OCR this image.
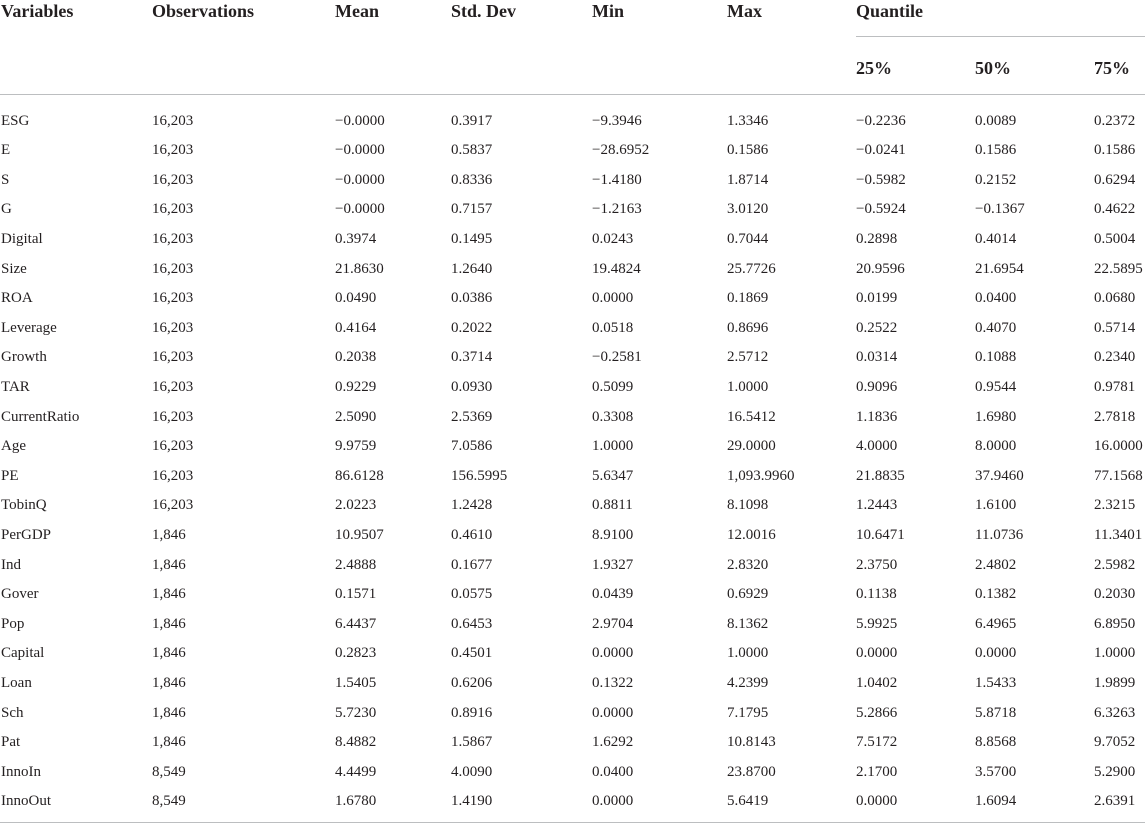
Variables	Observations	Mean	Std. Dev	Min	Max	Quantile		
						25%	50%	75%
ESG	16,203	−0.0000	0.3917	−9.3946	1.3346	−0.2236	0.0089	0.2372
E	16,203	−0.0000	0.5837	−28.6952	0.1586	−0.0241	0.1586	0.1586
S	16,203	−0.0000	0.8336	−1.4180	1.8714	−0.5982	0.2152	0.6294
G	16,203	−0.0000	0.7157	−1.2163	3.0120	−0.5924	−0.1367	0.4622
Digital	16,203	0.3974	0.1495	0.0243	0.7044	0.2898	0.4014	0.5004
Size	16,203	21.8630	1.2640	19.4824	25.7726	20.9596	21.6954	22.5895
ROA	16,203	0.0490	0.0386	0.0000	0.1869	0.0199	0.0400	0.0680
Leverage	16,203	0.4164	0.2022	0.0518	0.8696	0.2522	0.4070	0.5714
Growth	16,203	0.2038	0.3714	−0.2581	2.5712	0.0314	0.1088	0.2340
TAR	16,203	0.9229	0.0930	0.5099	1.0000	0.9096	0.9544	0.9781
CurrentRatio	16,203	2.5090	2.5369	0.3308	16.5412	1.1836	1.6980	2.7818
Age	16,203	9.9759	7.0586	1.0000	29.0000	4.0000	8.0000	16.0000
PE	16,203	86.6128	156.5995	5.6347	1,093.9960	21.8835	37.9460	77.1568
TobinQ	16,203	2.0223	1.2428	0.8811	8.1098	1.2443	1.6100	2.3215
PerGDP	1,846	10.9507	0.4610	8.9100	12.0016	10.6471	11.0736	11.3401
Ind	1,846	2.4888	0.1677	1.9327	2.8320	2.3750	2.4802	2.5982
Gover	1,846	0.1571	0.0575	0.0439	0.6929	0.1138	0.1382	0.2030
Pop	1,846	6.4437	0.6453	2.9704	8.1362	5.9925	6.4965	6.8950
Capital	1,846	0.2823	0.4501	0.0000	1.0000	0.0000	0.0000	1.0000
Loan	1,846	1.5405	0.6206	0.1322	4.2399	1.0402	1.5433	1.9899
Sch	1,846	5.7230	0.8916	0.0000	7.1795	5.2866	5.8718	6.3263
Pat	1,846	8.4882	1.5867	1.6292	10.8143	7.5172	8.8568	9.7052
InnoIn	8,549	4.4499	4.0090	0.0400	23.8700	2.1700	3.5700	5.2900
InnoOut	8,549	1.6780	1.4190	0.0000	5.6419	0.0000	1.6094	2.6391
